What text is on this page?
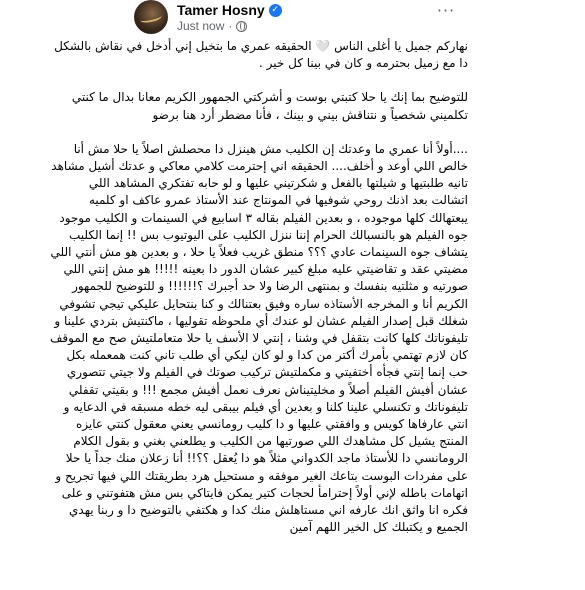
Tamer Hosny ✓
Just now ·
···

نهاركم جميل يا أغلى الناس 🤍 الحقيقه عمري ما بتخيل إني أدخل في نقاش بالشكل دا مع زميل بحترمه و كان في بينا كل خير .

للتوضيح بما إنك يا حلا كتبتي بوست و أشركتي الجمهور الكريم معانا بدال ما كنتي تكلميني شخصياً و نتناقش بيني و بينك ، فأنا مضطر أرد هنا برضو

....أولاً أنا عمري ما وعدتك إن الكليب مش هينزل دا محصلش اصلاً يا حلا مش أنا خالص اللي أوعد و أخلف.... الحقيقه اني إحترمت كلامي معاكي و عدتك أشيل مشاهد تانيه طلبتيها و شيلتها بالفعل و شكرتيني عليها و لو حابه تفتكري المشاهد اللي اتشالت بعد اذنك روحي شوفيها في المونتاج عند الأستاذ عمرو عاكف او كلميه يبعتهالك كلها موجوده ، و بعدين الفيلم بقاله ٣ اسابيع في السينمات و الكليب موجود جوه الفيلم هو بالنسبالك الحرام إننا ننزل الكليب على اليوتيوب بس !! إنما الكليب يتشاف جوه السينمات عادي ؟؟؟ منطق غريب فعلاً يا حلا ، و بعدين هو مش أنتي اللي مضيتي عقد و تقاضيتي عليه مبلغ كبير عشان الدور دا بعينه !!!!! هو مش إنتي اللي صورتيه و مثلتيه بنفسك و بمنتهى الرضا ولا حد أجبرك ؟!!!!!! و للتوضيح للجمهور الكريم أنا و المخرجه الأستاذه ساره وفيق بعتنالك و كنا بنتحايل عليكي تيجي تشوفي شغلك قبل إصدار الفيلم عشان لو عندك أي ملحوظه تقوليها ، ماكنتيش بتردي علينا و تليفوناتك كلها كانت بتقفل في وشنا ، إنتي لا الأسف يا حلا متعاملتيش صح مع الموقف كان لازم تهتمي بأمرك أكتر من كدا و لو كان ليكي أي طلب تاني كنت همعمله بكل حب إنما إنتي فجأه أختفيتي و مكملتيش تركيب صوتك في الفيلم ولا جيتي تتصوري عشان أفيش الفيلم أصلاً و مخليتيناش نعرف نعمل أفيش مجمع !!! و بقيتي تقفلي تليفوناتك و تكنسلي علينا كلنا و بعدين أي فيلم بيبقى ليه خطه مسبقه في الدعايه و انتي عارفاها كويس و وافقتي عليها و دا كليب رومانسي يعني معقول كنتي عايزه المنتج يشيل كل مشاهدك اللي صورتيها من الكليب و يطلعني بغني و بقول الكلام الرومانسي دا للأستاذ ماجد الكدواني مثلاً هو دا يُعقل ؟؟!! أنا زعلان منك جداً يا حلا على مفردات البوست بتاعك الغير موفقه و مستحيل هرد بطريقتك اللي فيها تجريح و اتهامات باطله لإني أولاً إحترامأ لحجات كتير يمكن فايتاكي بس مش هتفوتني و على فكره انا واثق انك عارفه اني مستاهلش منك كدا و هكتفي بالتوضيح دا و ربنا يهدي الجميع و يكتبلك كل الخير اللهم آمين
